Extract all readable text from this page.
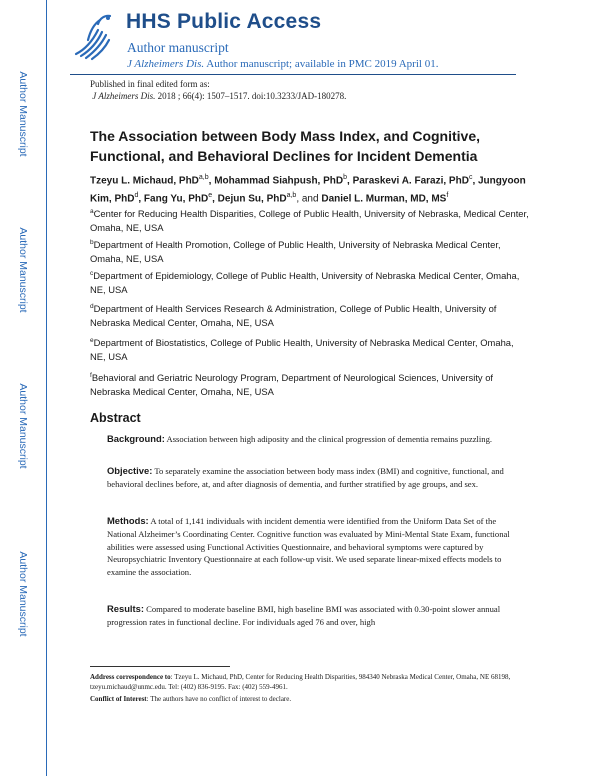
Author Manuscript
Author Manuscript
Author Manuscript
Author Manuscript
HHS Public Access
Author manuscript
J Alzheimers Dis. Author manuscript; available in PMC 2019 April 01.
Published in final edited form as:
J Alzheimers Dis. 2018 ; 66(4): 1507–1517. doi:10.3233/JAD-180278.
The Association between Body Mass Index, and Cognitive, Functional, and Behavioral Declines for Incident Dementia
Tzeyu L. Michaud, PhD$^{a,b}$, Mohammad Siahpush, PhD$^b$, Paraskevi A. Farazi, PhD$^c$, Jungyoon Kim, PhD$^d$, Fang Yu, PhD$^e$, Dejun Su, PhD$^{a,b}$, and Daniel L. Murman, MD, $MS^f$
$^a$Center for Reducing Health Disparities, College of Public Health, University of Nebraska, Medical Center, Omaha, NE, USA
$^b$Department of Health Promotion, College of Public Health, University of Nebraska Medical Center, Omaha, NE, USA
$^c$Department of Epidemiology, College of Public Health, University of Nebraska Medical Center, Omaha, NE, USA
$^d$Department of Health Services Research & Administration, College of Public Health, University of Nebraska Medical Center, Omaha, NE, USA
$^e$Department of Biostatistics, College of Public Health, University of Nebraska Medical Center, Omaha, NE, USA
$^f$Behavioral and Geriatric Neurology Program, Department of Neurological Sciences, University of Nebraska Medical Center, Omaha, NE, USA
Abstract
Background: Association between high adiposity and the clinical progression of dementia remains puzzling.
Objective: To separately examine the association between body mass index (BMI) and cognitive, functional, and behavioral declines before, at, and after diagnosis of dementia, and further stratified by age groups, and sex.
Methods: A total of 1,141 individuals with incident dementia were identified from the Uniform Data Set of the National Alzheimer’s Coordinating Center. Cognitive function was evaluated by Mini-Mental State Exam, functional abilities were assessed using Functional Activities Questionnaire, and behavioral symptoms were captured by Neuropsychiatric Inventory Questionnaire at each follow-up visit. We used separate linear-mixed effects models to examine the association.
Results: Compared to moderate baseline BMI, high baseline BMI was associated with 0.30-point slower annual progression rates in functional decline. For individuals aged 76 and over, high
Address correspondence to: Tzeyu L. Michaud, PhD, Center for Reducing Health Disparities, 984340 Nebraska Medical Center, Omaha, NE 68198, tzeyu.michaud@unmc.edu. Tel: (402) 836-9195. Fax: (402) 559-4961.
Conflict of Interest: The authors have no conflict of interest to declare.
